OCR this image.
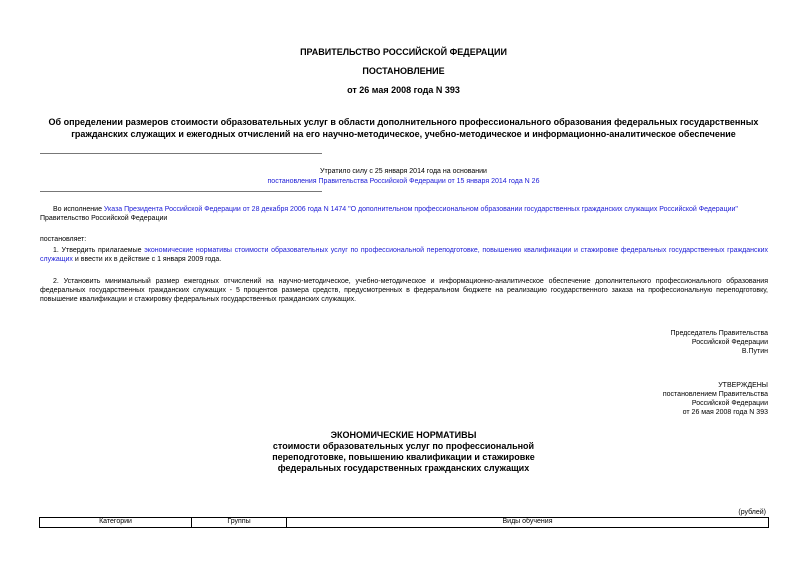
ПРАВИТЕЛЬСТВО РОССИЙСКОЙ ФЕДЕРАЦИИ
ПОСТАНОВЛЕНИЕ
от 26 мая 2008 года N 393
Об определении размеров стоимости образовательных услуг в области дополнительного профессионального образования федеральных государственных
гражданских служащих и ежегодных отчислений на его научно-методическое, учебно-методическое и информационно-аналитическое обеспечение
Утратило силу с 25 января 2014 года на основании
постановления Правительства Российской Федерации от 15 января 2014 года N 26
Во исполнение Указа Президента Российской Федерации от 28 декабря 2006 года N 1474 "О дополнительном профессиональном образовании государственных гражданских служащих Российской Федерации"
Правительство Российской Федерации
постановляет:
1. Утвердить прилагаемые экономические нормативы стоимости образовательных услуг по профессиональной переподготовке, повышению квалификации и стажировке федеральных государственных гражданских служащих и ввести их в действие с 1 января 2009 года.
2. Установить минимальный размер ежегодных отчислений на научно-методическое, учебно-методическое и информационно-аналитическое обеспечение дополнительного профессионального образования федеральных государственных гражданских служащих - 5 процентов размера средств, предусмотренных в федеральном бюджете на реализацию государственного заказа на профессиональную переподготовку, повышение квалификации и стажировку федеральных государственных гражданских служащих.
Председатель Правительства
Российской Федерации
В.Путин
УТВЕРЖДЕНЫ
постановлением Правительства
Российской Федерации
от 26 мая 2008 года N 393
ЭКОНОМИЧЕСКИЕ НОРМАТИВЫ
стоимости образовательных услуг по профессиональной
переподготовке, повышению квалификации и стажировке
федеральных государственных гражданских служащих
(рублей)
Категории	Группы	Виды обучения
